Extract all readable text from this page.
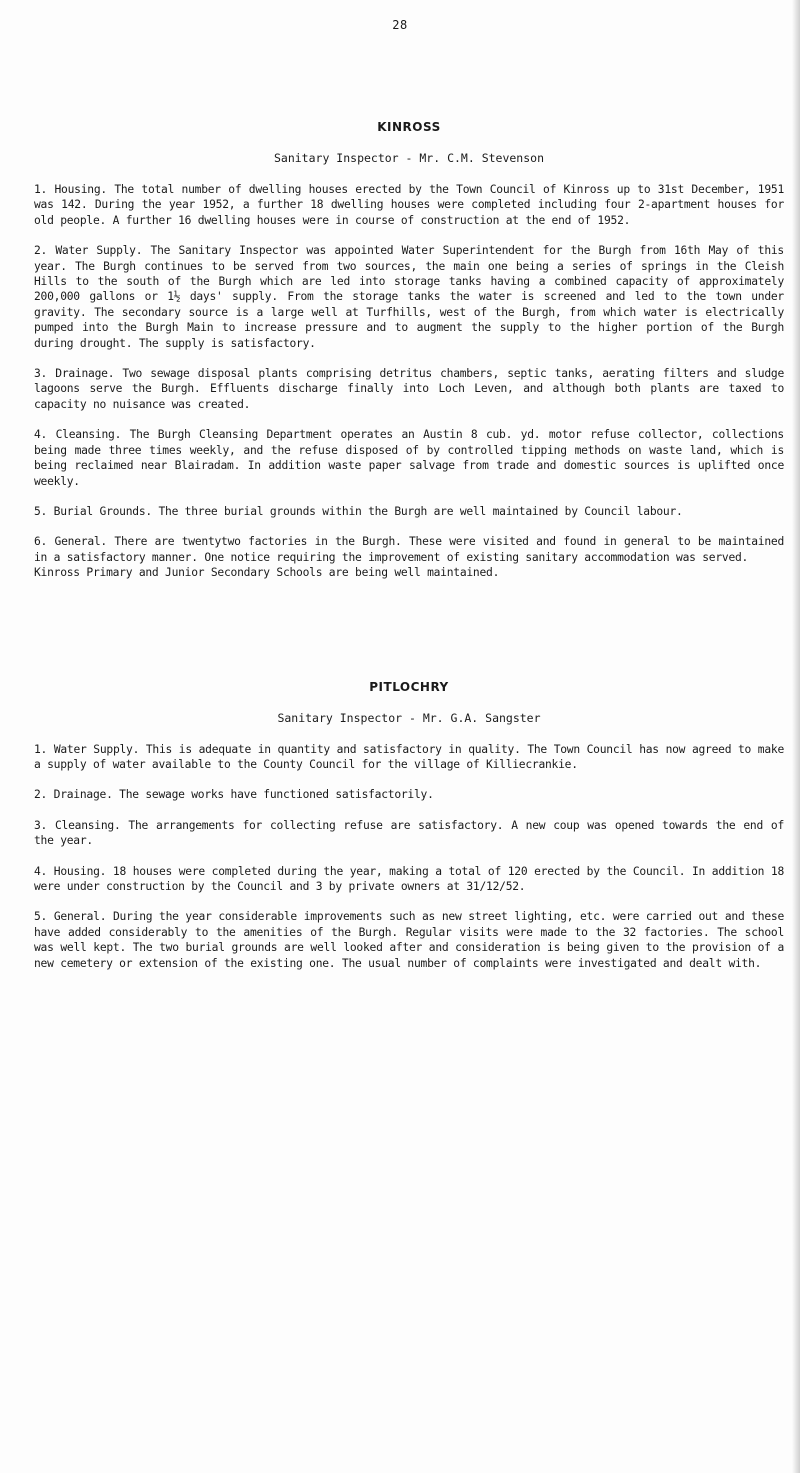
28
KINROSS
Sanitary Inspector - Mr. C.M. Stevenson

1. Housing. The total number of dwelling houses erected by the Town Council of Kinross up to 31st December, 1951 was 142. During the year 1952, a further 18 dwelling houses were completed including four 2-apartment houses for old people. A further 16 dwelling houses were in course of construction at the end of 1952.

2. Water Supply. The Sanitary Inspector was appointed Water Superintendent for the Burgh from 16th May of this year. The Burgh continues to be served from two sources, the main one being a series of springs in the Cleish Hills to the south of the Burgh which are led into storage tanks having a combined capacity of approximately 200,000 gallons or 1½ days' supply. From the storage tanks the water is screened and led to the town under gravity. The secondary source is a large well at Turfhills, west of the Burgh, from which water is electrically pumped into the Burgh Main to increase pressure and to augment the supply to the higher portion of the Burgh during drought. The supply is satisfactory.

3. Drainage. Two sewage disposal plants comprising detritus chambers, septic tanks, aerating filters and sludge lagoons serve the Burgh. Effluents discharge finally into Loch Leven, and although both plants are taxed to capacity no nuisance was created.

4. Cleansing. The Burgh Cleansing Department operates an Austin 8 cub. yd. motor refuse collector, collections being made three times weekly, and the refuse disposed of by controlled tipping methods on waste land, which is being reclaimed near Blairadam. In addition waste paper salvage from trade and domestic sources is uplifted once weekly.

5. Burial Grounds. The three burial grounds within the Burgh are well maintained by Council labour.

6. General. There are twentytwo factories in the Burgh. These were visited and found in general to be maintained in a satisfactory manner. One notice requiring the improvement of existing sanitary accommodation was served.

Kinross Primary and Junior Secondary Schools are being well maintained.

PITLOCHRY
Sanitary Inspector - Mr. G.A. Sangster

1. Water Supply. This is adequate in quantity and satisfactory in quality. The Town Council has now agreed to make a supply of water available to the County Council for the village of Killiecrankie.

2. Drainage. The sewage works have functioned satisfactorily.

3. Cleansing. The arrangements for collecting refuse are satisfactory. A new coup was opened towards the end of the year.

4. Housing. 18 houses were completed during the year, making a total of 120 erected by the Council. In addition 18 were under construction by the Council and 3 by private owners at 31/12/52.

5. General. During the year considerable improvements such as new street lighting, etc. were carried out and these have added considerably to the amenities of the Burgh. Regular visits were made to the 32 factories. The school was well kept. The two burial grounds are well looked after and consideration is being given to the provision of a new cemetery or extension of the existing one. The usual number of complaints were investigated and dealt with.
